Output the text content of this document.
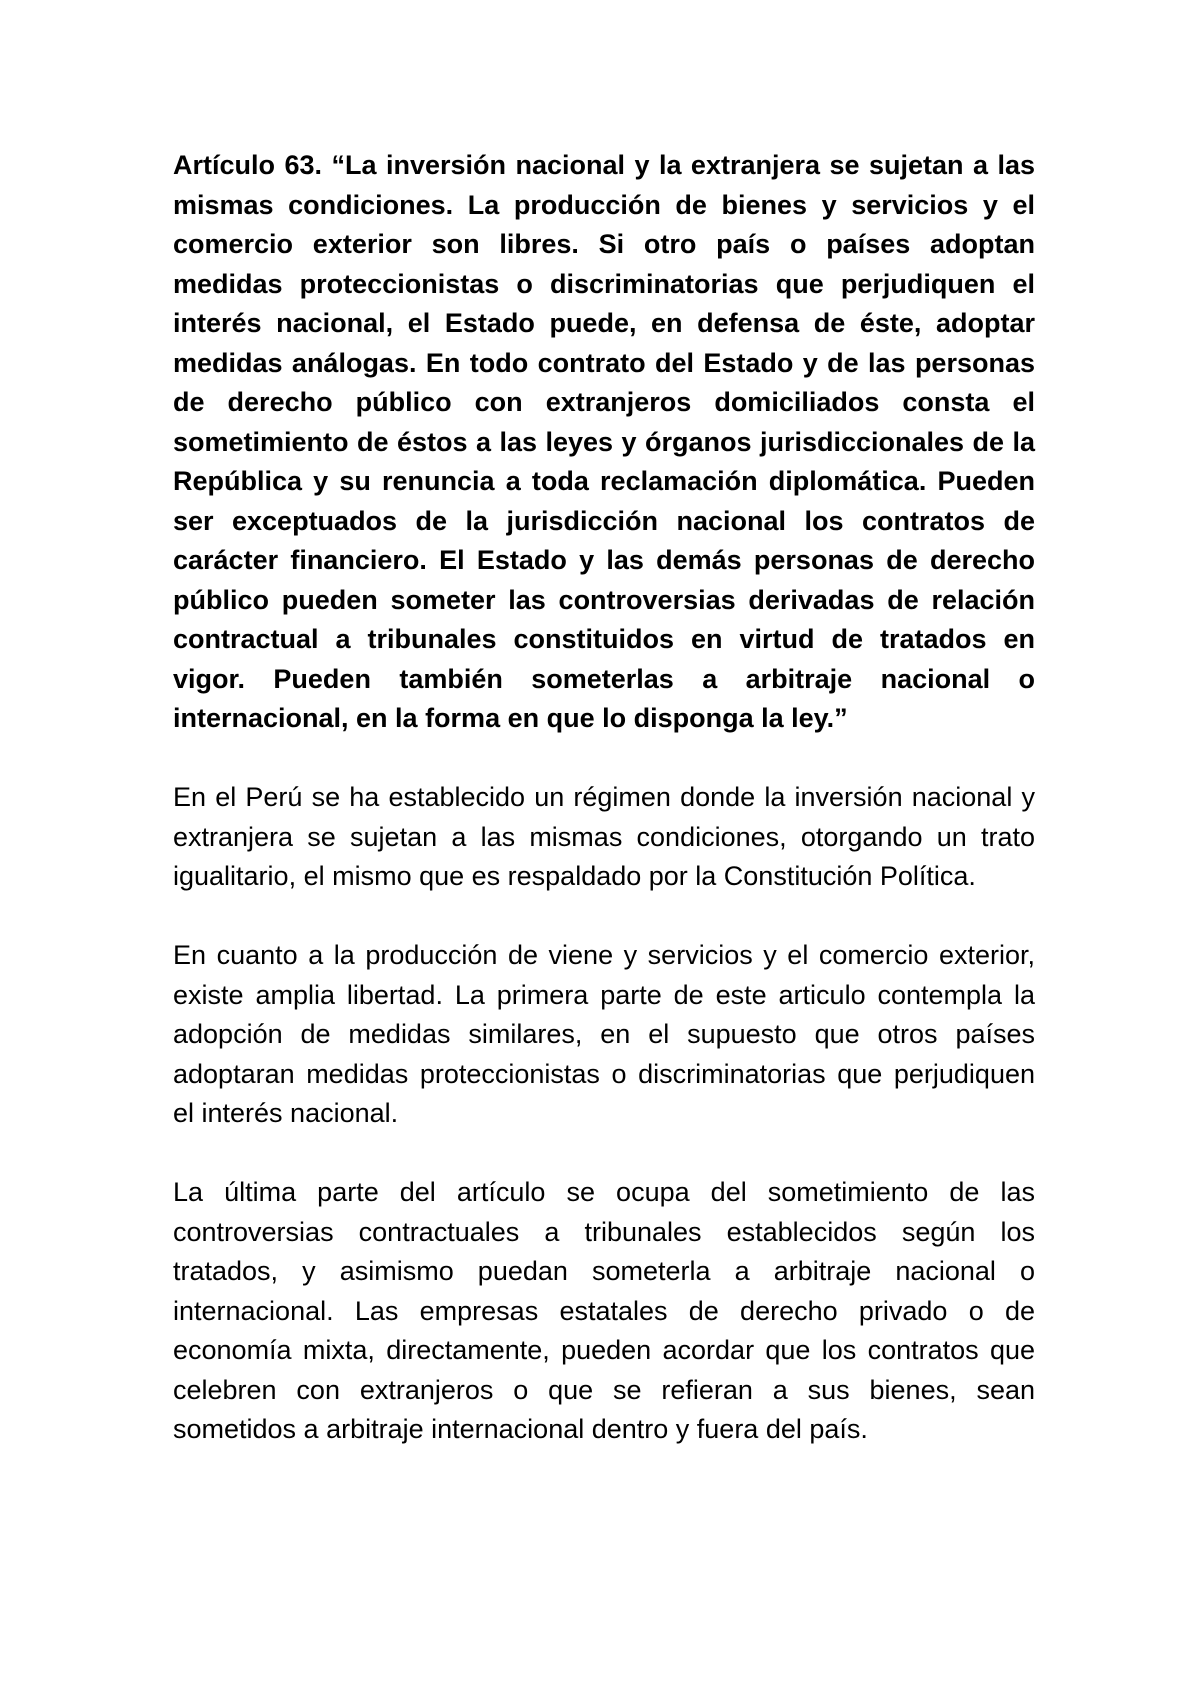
Artículo 63. “La inversión nacional y la extranjera se sujetan a las mismas condiciones. La producción de bienes y servicios y el comercio exterior son libres. Si otro país o países adoptan medidas proteccionistas o discriminatorias que perjudiquen el interés nacional, el Estado puede, en defensa de éste, adoptar medidas análogas. En todo contrato del Estado y de las personas de derecho público con extranjeros domiciliados consta el sometimiento de éstos a las leyes y órganos jurisdiccionales de la República y su renuncia a toda reclamación diplomática. Pueden ser exceptuados de la jurisdicción nacional los contratos de carácter financiero. El Estado y las demás personas de derecho público pueden someter las controversias derivadas de relación contractual a tribunales constituidos en virtud de tratados en vigor. Pueden también someterlas a arbitraje nacional o internacional, en la forma en que lo disponga la ley.”

En el Perú se ha establecido un régimen donde la inversión nacional y extranjera se sujetan a las mismas condiciones, otorgando un trato igualitario, el mismo que es respaldado por la Constitución Política.

En cuanto a la producción de viene y servicios y el comercio exterior, existe amplia libertad. La primera parte de este articulo contempla la adopción de medidas similares, en el supuesto que otros países adoptaran medidas proteccionistas o discriminatorias que perjudiquen el interés nacional.

La última parte del artículo se ocupa del sometimiento de las controversias contractuales a tribunales establecidos según los tratados, y asimismo puedan someterla a arbitraje nacional o internacional. Las empresas estatales de derecho privado o de economía mixta, directamente, pueden acordar que los contratos que celebren con extranjeros o que se refieran a sus bienes, sean sometidos a arbitraje internacional dentro y fuera del país.
